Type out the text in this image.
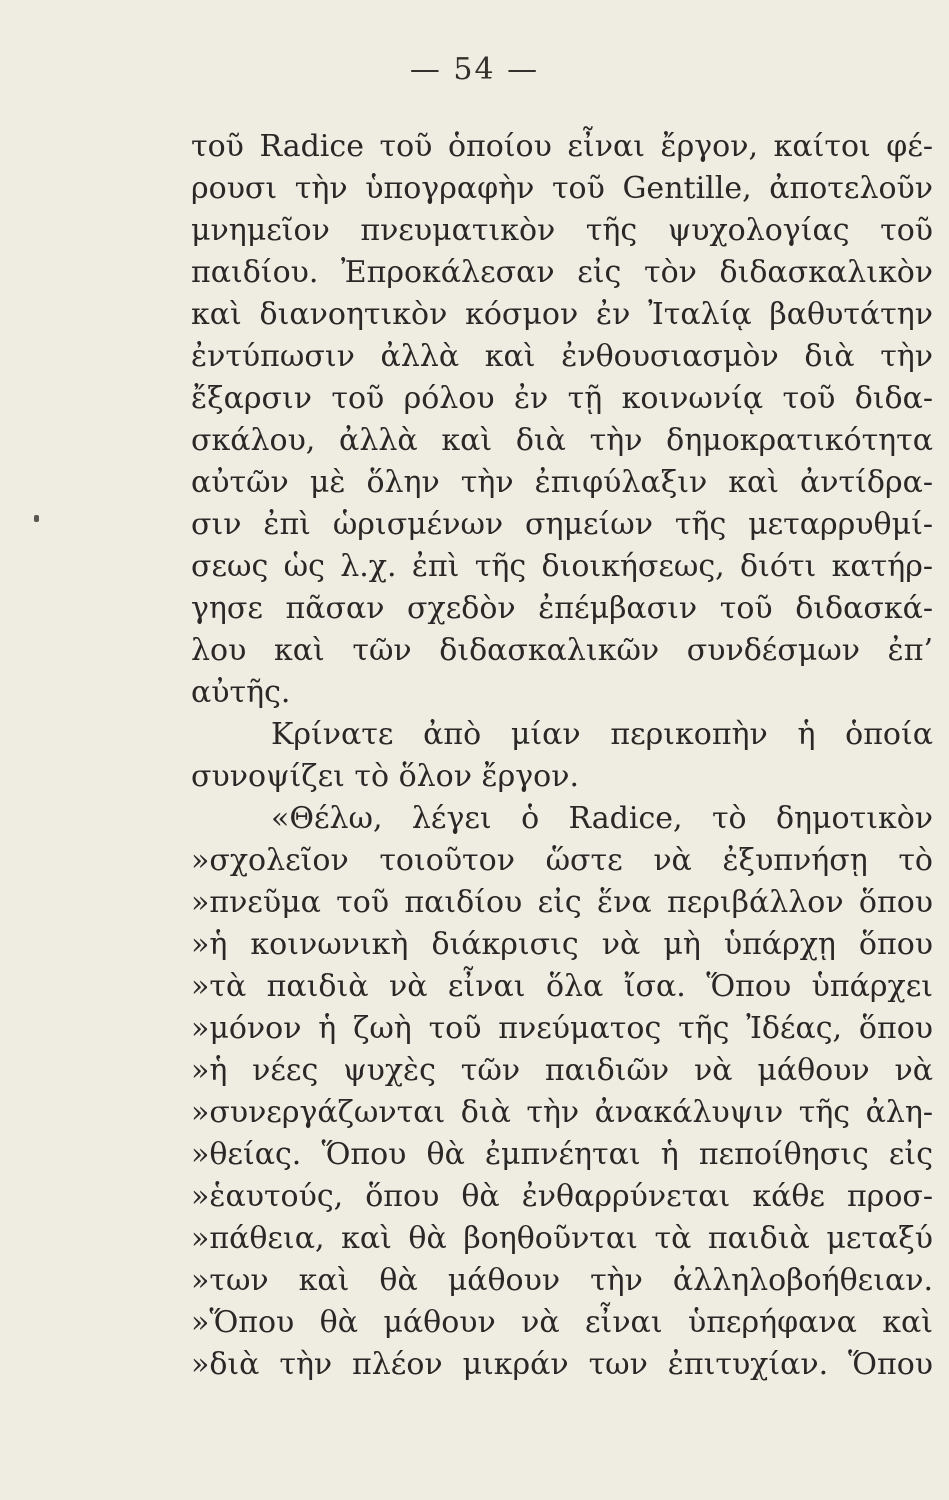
— 54 —
τοῦ Radice τοῦ ὁποίου εἶναι ἔργον, καίτοι φέ-
ρουσι τὴν ὑπογραφὴν τοῦ Gentille, ἀποτελοῦν
μνημεῖον πνευματικὸν τῆς ψυχολογίας τοῦ
παιδίου. Ἐπροκάλεσαν εἰς τὸν διδασκαλικὸν
καὶ διανοητικὸν κόσμον ἐν Ἰταλίᾳ βαθυτάτην
ἐντύπωσιν ἀλλὰ καὶ ἐνθουσιασμὸν διὰ τὴν
ἔξαρσιν τοῦ ρόλου ἐν τῇ κοινωνίᾳ τοῦ διδα-
σκάλου, ἀλλὰ καὶ διὰ τὴν δημοκρατικότητα
αὐτῶν μὲ ὅλην τὴν ἐπιφύλαξιν καὶ ἀντίδρα-
σιν ἐπὶ ὡρισμένων σημείων τῆς μεταρρυθμί-
σεως ὡς λ.χ. ἐπὶ τῆς διοικήσεως, διότι κατήρ-
γησε πᾶσαν σχεδὸν ἐπέμβασιν τοῦ διδασκά-
λου καὶ τῶν διδασκαλικῶν συνδέσμων ἐπ’
αὐτῆς.
Κρίνατε ἀπὸ μίαν περικοπὴν ἡ ὁποία
συνοψίζει τὸ ὅλον ἔργον.
«Θέλω, λέγει ὁ Radice, τὸ δημοτικὸν
»σχολεῖον τοιοῦτον ὥστε νὰ ἐξυπνήσῃ τὸ
»πνεῦμα τοῦ παιδίου εἰς ἕνα περιβάλλον ὅπου
»ἡ κοινωνικὴ διάκρισις νὰ μὴ ὑπάρχῃ ὅπου
»τὰ παιδιὰ νὰ εἶναι ὅλα ἴσα. Ὅπου ὑπάρχει
»μόνον ἡ ζωὴ τοῦ πνεύματος τῆς Ἰδέας, ὅπου
»ἡ νέες ψυχὲς τῶν παιδιῶν νὰ μάθουν νὰ
»συνεργάζωνται διὰ τὴν ἀνακάλυψιν τῆς ἀλη-
»θείας. Ὅπου θὰ ἐμπνέηται ἡ πεποίθησις εἰς
»ἑαυτούς, ὅπου θὰ ἐνθαρρύνεται κάθε προσ-
»πάθεια, καὶ θὰ βοηθοῦνται τὰ παιδιὰ μεταξύ
»των καὶ θὰ μάθουν τὴν ἀλληλοβοήθειαν.
»Ὅπου θὰ μάθουν νὰ εἶναι ὑπερήφανα καὶ
»διὰ τὴν πλέον μικράν των ἐπιτυχίαν. Ὅπου
